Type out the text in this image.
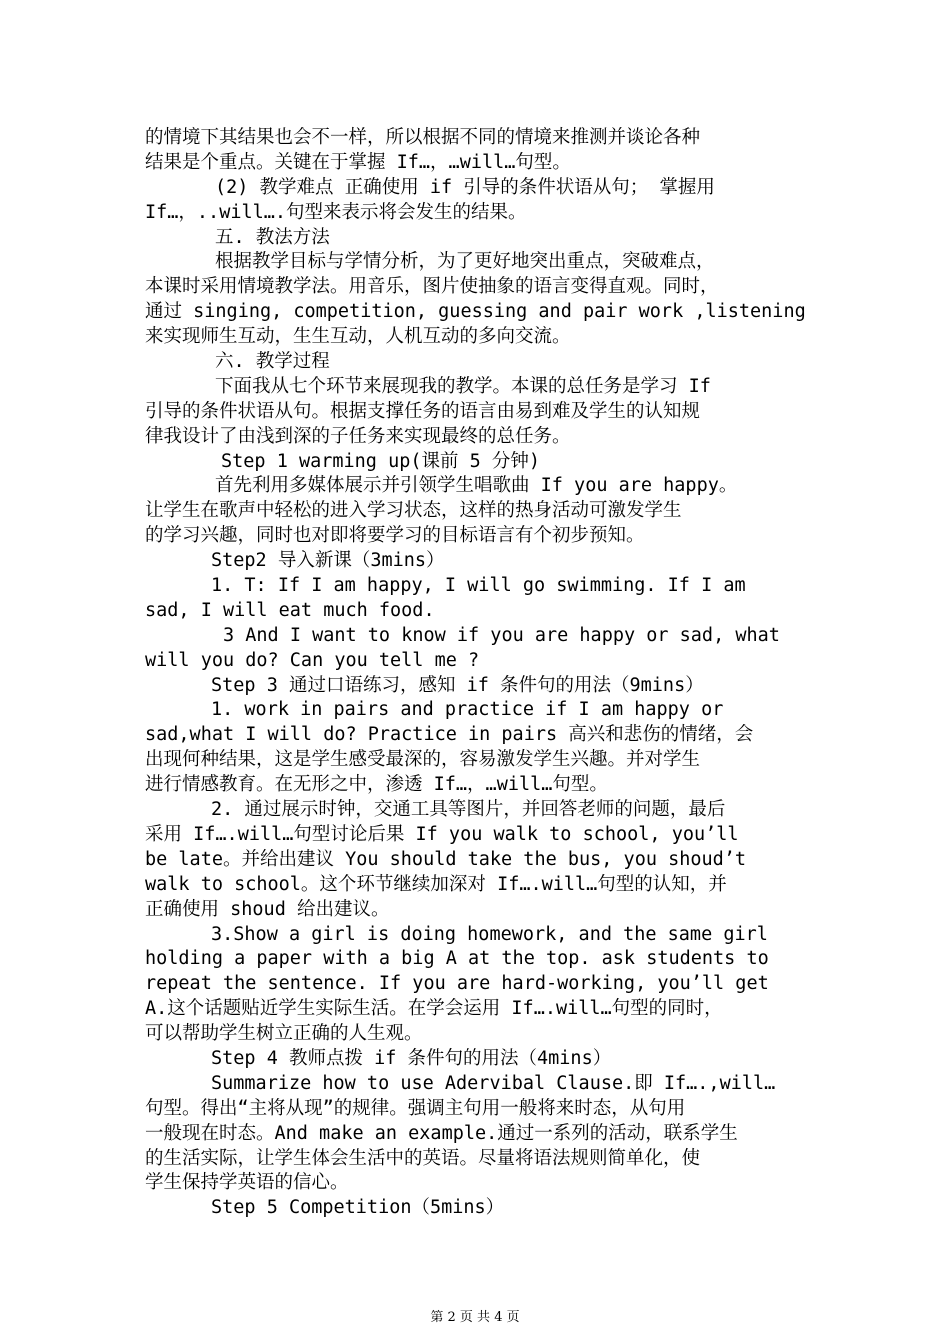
的情境下其结果也会不一样，所以根据不同的情境来推测并谈论各种
结果是个重点。关键在于掌握 If…，…will…句型。
(2) 教学难点 正确使用 if 引导的条件状语从句； 掌握用
If…，..will….句型来表示将会发生的结果。
五. 教法方法
根据教学目标与学情分析，为了更好地突出重点，突破难点，
本课时采用情境教学法。用音乐，图片使抽象的语言变得直观。同时，
通过 singing, competition, guessing and pair work ,listening
来实现师生互动，生生互动，人机互动的多向交流。
六. 教学过程
下面我从七个环节来展现我的教学。本课的总任务是学习 If
引导的条件状语从句。根据支撑任务的语言由易到难及学生的认知规
律我设计了由浅到深的子任务来实现最终的总任务。
Step 1 warming up(课前 5 分钟)
首先利用多媒体展示并引领学生唱歌曲 If you are happy。
让学生在歌声中轻松的进入学习状态，这样的热身活动可激发学生
的学习兴趣，同时也对即将要学习的目标语言有个初步预知。
Step2 导入新课（3mins）
1. T: If I am happy, I will go swimming. If I am
sad, I will eat much food.
3 And I want to know if you are happy or sad, what
will you do? Can you tell me ?
Step 3 通过口语练习，感知 if 条件句的用法（9mins）
1. work in pairs and practice if I am happy or
sad,what I will do? Practice in pairs 高兴和悲伤的情绪，会
出现何种结果，这是学生感受最深的，容易激发学生兴趣。并对学生
进行情感教育。在无形之中，渗透 If…，…will…句型。
2. 通过展示时钟，交通工具等图片，并回答老师的问题，最后
采用 If….will…句型讨论后果 If you walk to school, you’ll
be late。并给出建议 You should take the bus, you shoud’t
walk to school。这个环节继续加深对 If….will…句型的认知，并
正确使用 shoud 给出建议。
3.Show a girl is doing homework, and the same girl
holding a paper with a big A at the top. ask students to
repeat the sentence. If you are hard-working, you’ll get
A.这个话题贴近学生实际生活。在学会运用 If….will…句型的同时，
可以帮助学生树立正确的人生观。
Step 4 教师点拨 if 条件句的用法（4mins）
Summarize how to use Adervibal Clause.即 If….,will…
句型。得出“主将从现”的规律。强调主句用一般将来时态，从句用
一般现在时态。And make an example.通过一系列的活动，联系学生
的生活实际，让学生体会生活中的英语。尽量将语法规则简单化，使
学生保持学英语的信心。
Step 5 Competition（5mins）
第 2 页 共 4 页
